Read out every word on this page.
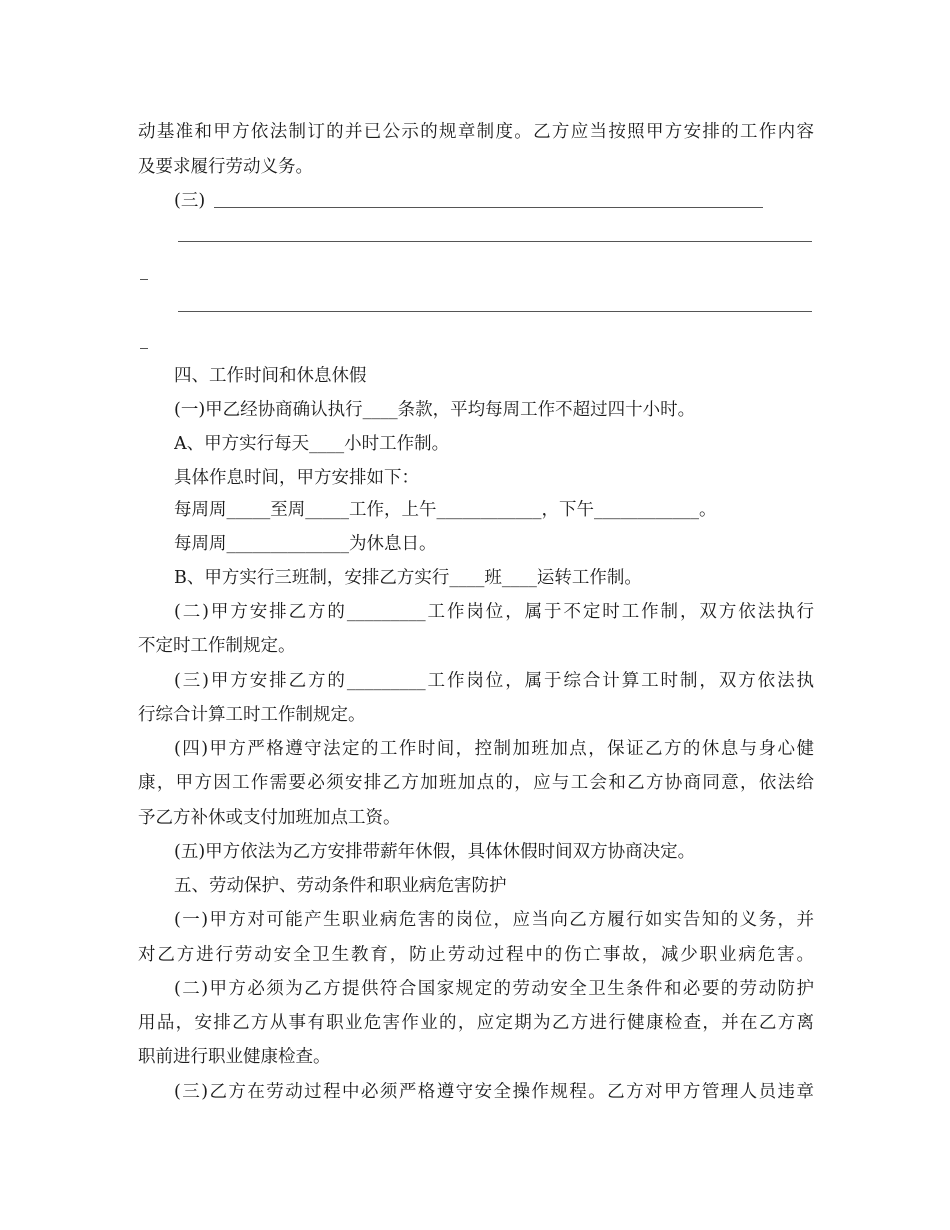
动基准和甲方依法制订的并已公示的规章制度。乙方应当按照甲方安排的工作内容
及要求履行劳动义务。
(三)
四、工作时间和休息休假
(一)甲乙经协商确认执行____条款，平均每周工作不超过四十小时。
A、甲方实行每天____小时工作制。
具体作息时间，甲方安排如下：
每周周_____至周_____工作，上午____________，下午____________。
每周周______________为休息日。
B、甲方实行三班制，安排乙方实行____班____运转工作制。
(二)甲方安排乙方的_________工作岗位，属于不定时工作制，双方依法执行
不定时工作制规定。
(三)甲方安排乙方的_________工作岗位，属于综合计算工时制，双方依法执
行综合计算工时工作制规定。
(四)甲方严格遵守法定的工作时间，控制加班加点，保证乙方的休息与身心健
康，甲方因工作需要必须安排乙方加班加点的，应与工会和乙方协商同意，依法给
予乙方补休或支付加班加点工资。
(五)甲方依法为乙方安排带薪年休假，具体休假时间双方协商决定。
五、劳动保护、劳动条件和职业病危害防护
(一)甲方对可能产生职业病危害的岗位，应当向乙方履行如实告知的义务，并
对乙方进行劳动安全卫生教育，防止劳动过程中的伤亡事故，减少职业病危害。
(二)甲方必须为乙方提供符合国家规定的劳动安全卫生条件和必要的劳动防护
用品，安排乙方从事有职业危害作业的，应定期为乙方进行健康检查，并在乙方离
职前进行职业健康检查。
(三)乙方在劳动过程中必须严格遵守安全操作规程。乙方对甲方管理人员违章
